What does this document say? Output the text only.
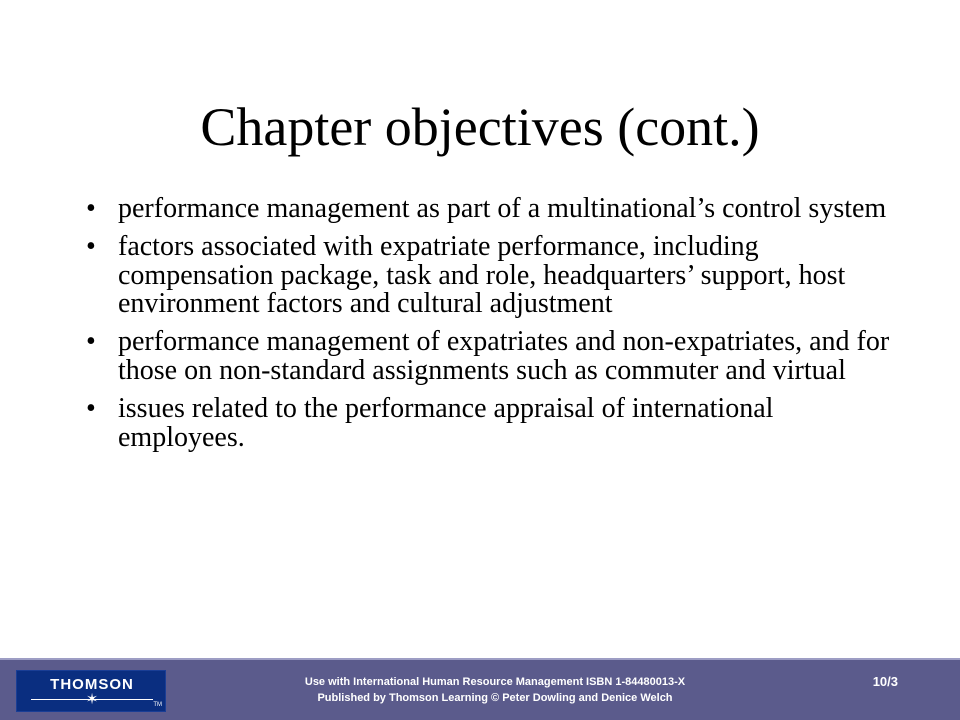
Chapter objectives (cont.)
• performance management as part of a multinational’s control system
• factors associated with expatriate performance, including compensation package, task and role, headquarters’ support, host environment factors and cultural adjustment
• performance management of expatriates and non-expatriates, and for those on non-standard assignments such as commuter and virtual
• issues related to the performance appraisal of international employees.
THOMSON
✶	TM
Use with International Human Resource Management ISBN 1-84480013-X
Published by Thomson Learning © Peter Dowling and Denice Welch
10/3
